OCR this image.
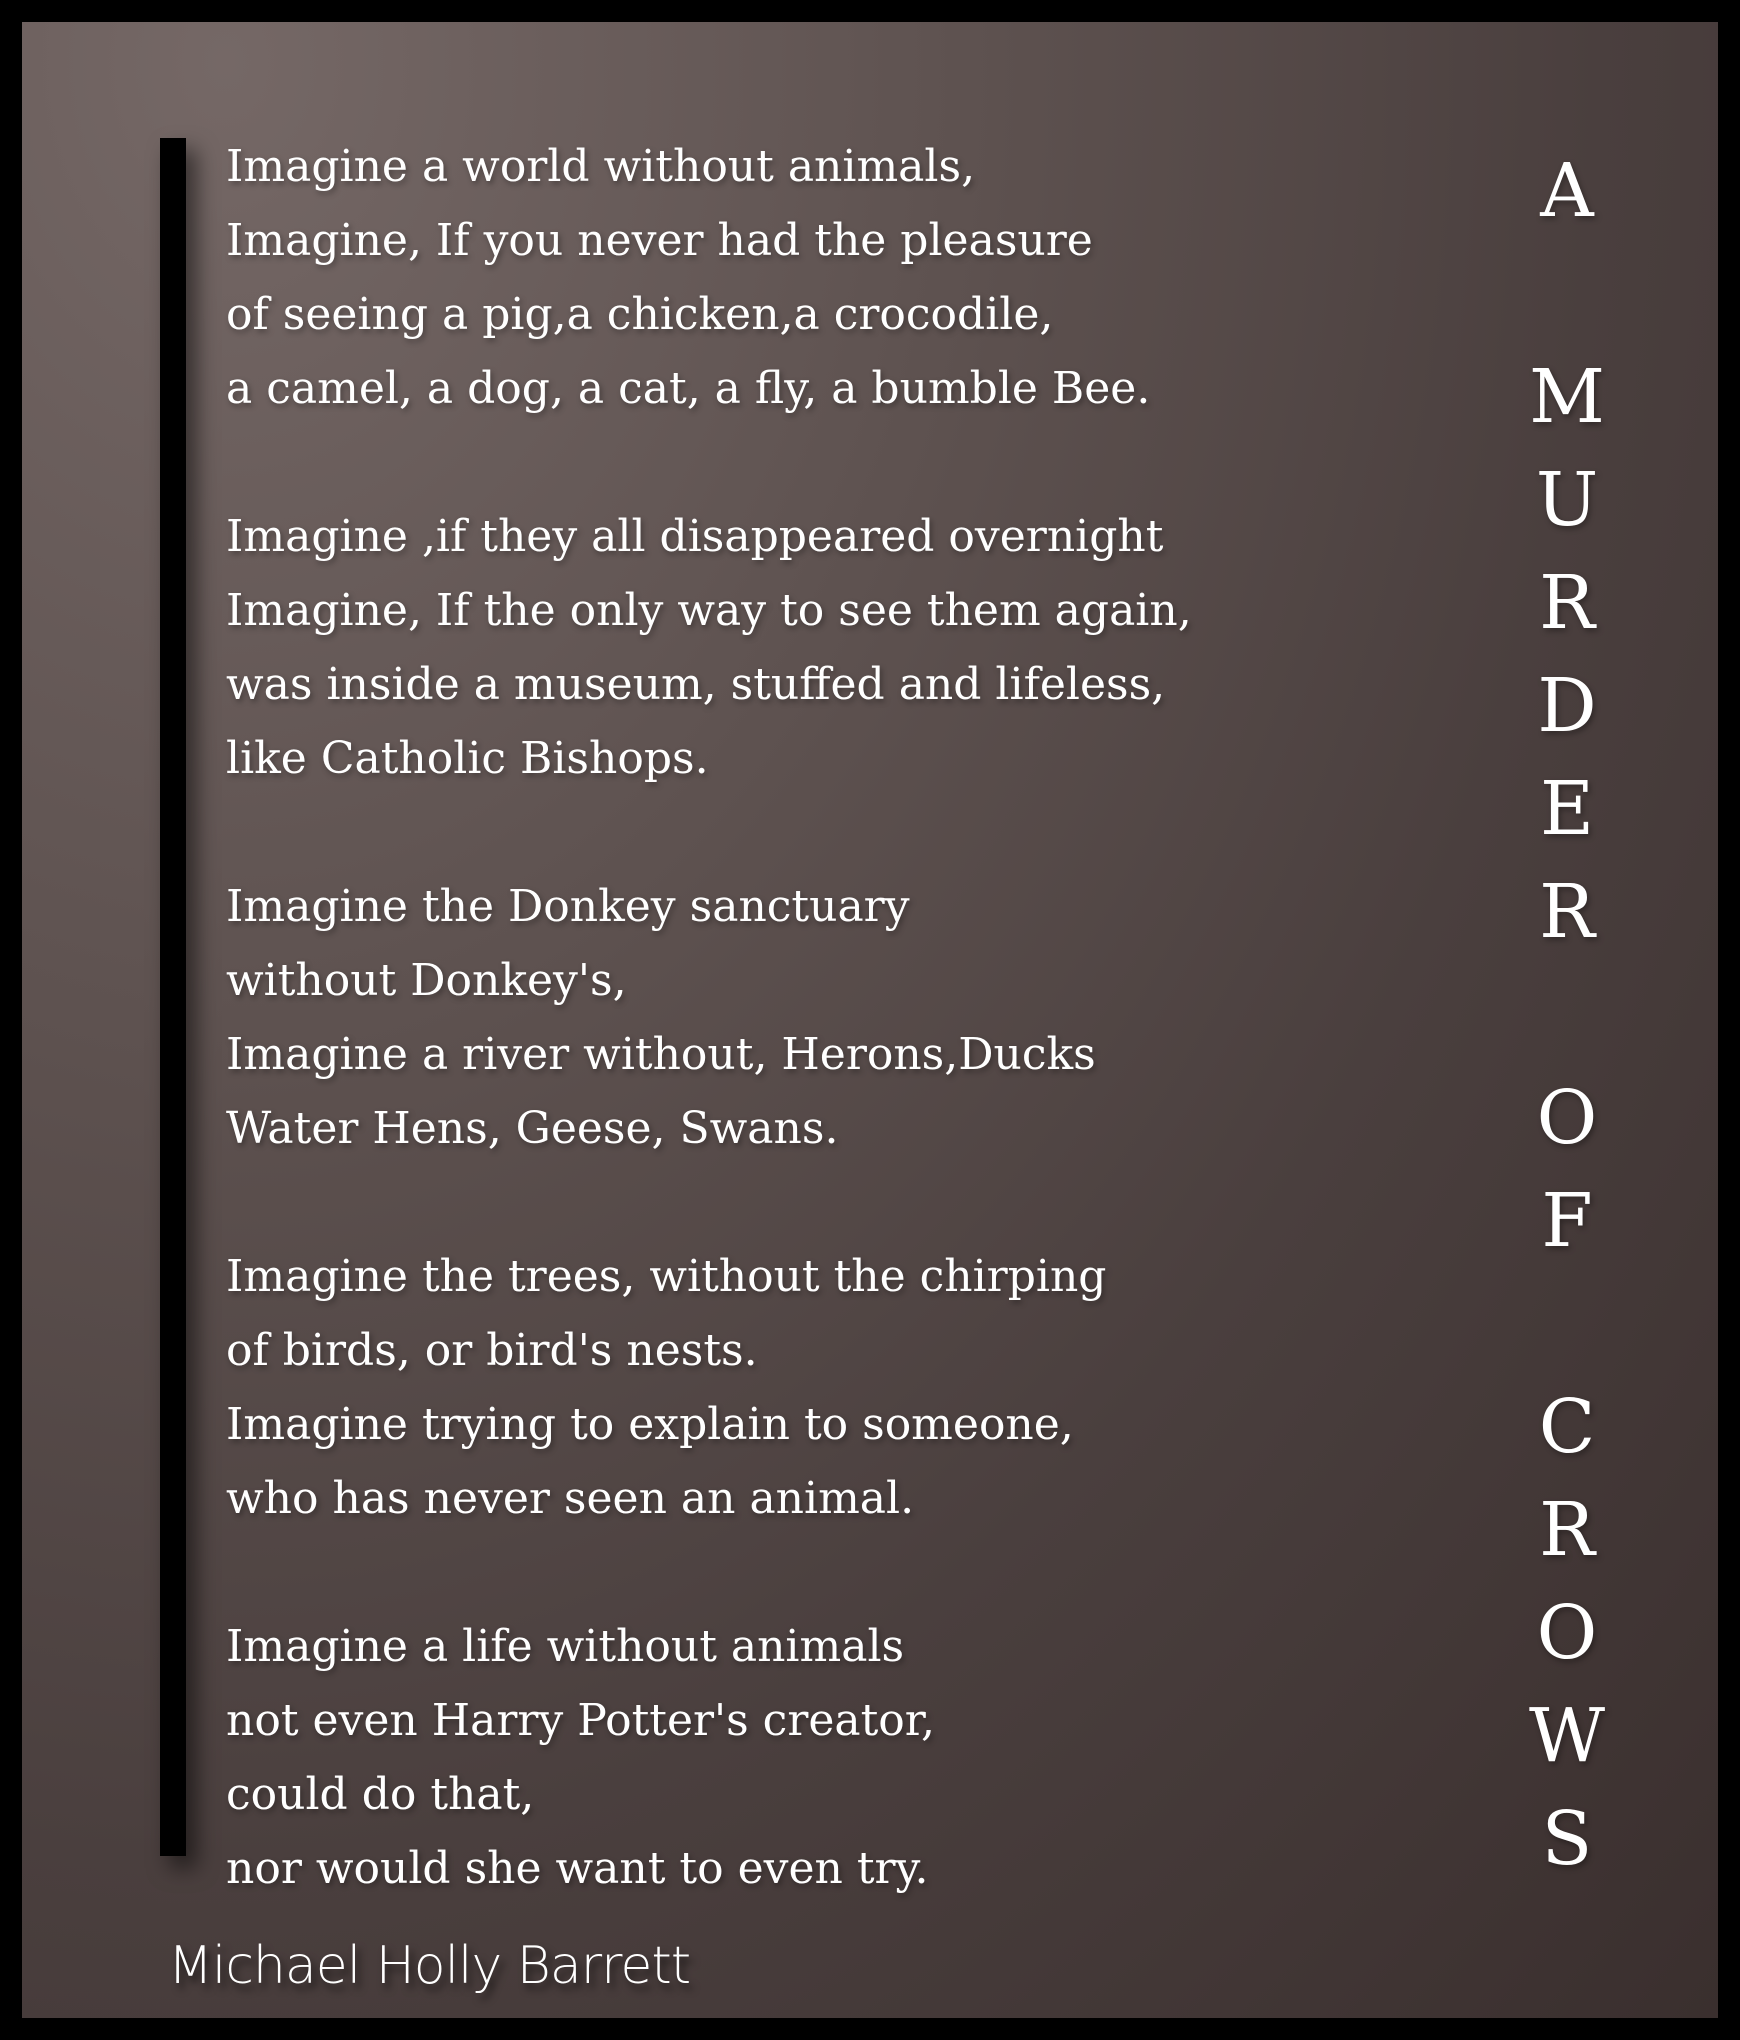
Imagine a world without animals,
Imagine, If you never had the pleasure
of seeing a pig,a chicken,a crocodile,
a camel, a dog, a cat, a fly, a bumble Bee.
Imagine ,if they all disappeared overnight
Imagine, If the only way to see them again,
was inside a museum, stuffed and lifeless,
like Catholic Bishops.
Imagine the Donkey sanctuary
without Donkey's,
Imagine a river without, Herons,Ducks
Water Hens, Geese, Swans.
Imagine the trees, without the chirping
of birds, or bird's nests.
Imagine trying to explain to someone,
who has never seen an animal.
Imagine a life without animals
not even Harry Potter's creator,
could do that,
nor would she want to even try.
A
M
U
R
D
E
R
O
F
C
R
O
W
S
Michael Holly Barrett
